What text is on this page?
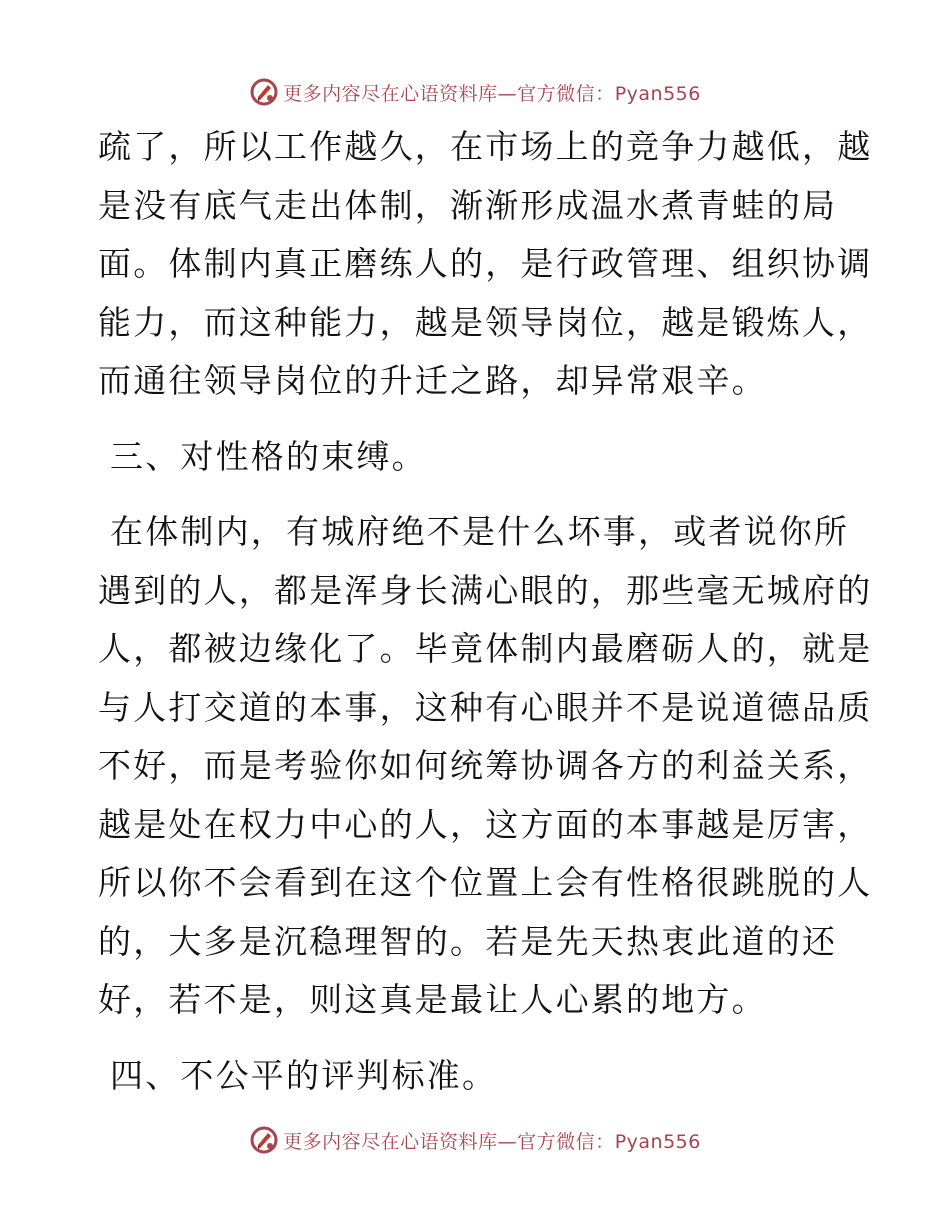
更多内容尽在心语资料库—官方微信：Pyan556

疏了，所以工作越久，在市场上的竞争力越低，越
是没有底气走出体制，渐渐形成温水煮青蛙的局
面。体制内真正磨练人的，是行政管理、组织协调
能力，而这种能力，越是领导岗位，越是锻炼人，
而通往领导岗位的升迁之路，却异常艰辛。

三、对性格的束缚。

在体制内，有城府绝不是什么坏事，或者说你所
遇到的人，都是浑身长满心眼的，那些毫无城府的
人，都被边缘化了。毕竟体制内最磨砺人的，就是
与人打交道的本事，这种有心眼并不是说道德品质
不好，而是考验你如何统筹协调各方的利益关系，
越是处在权力中心的人，这方面的本事越是厉害，
所以你不会看到在这个位置上会有性格很跳脱的人
的，大多是沉稳理智的。若是先天热衷此道的还
好，若不是，则这真是最让人心累的地方。

四、不公平的评判标准。

更多内容尽在心语资料库—官方微信：Pyan556
